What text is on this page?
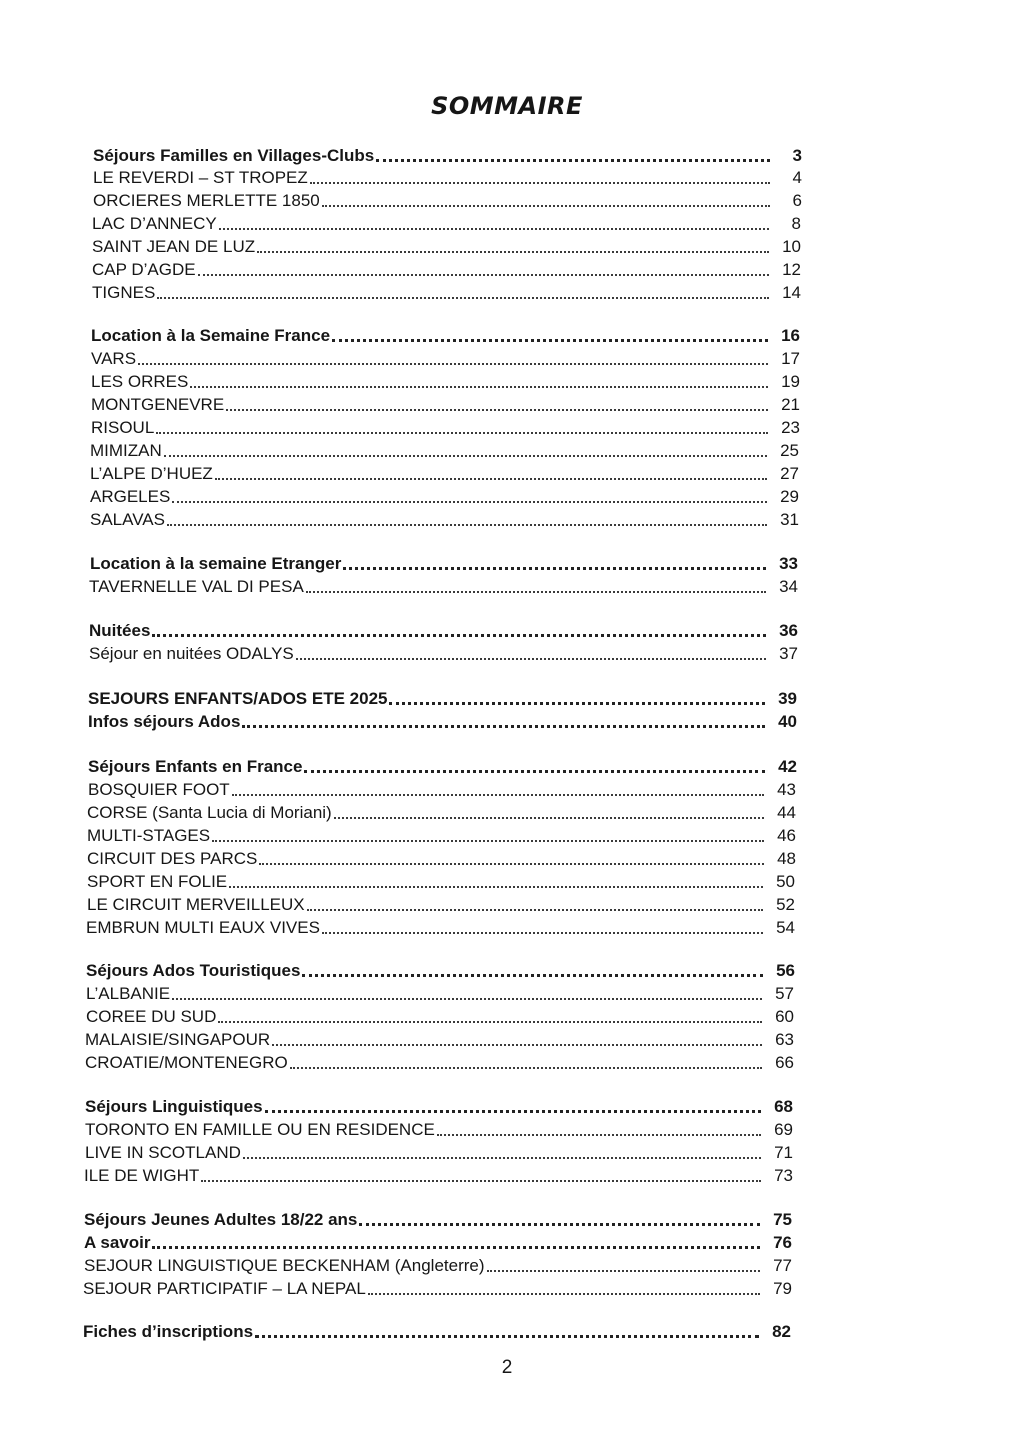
SOMMAIRE
Séjours Familles en Villages-Clubs	3
LE REVERDI – ST TROPEZ	4
ORCIERES MERLETTE 1850	6
LAC D’ANNECY	8
SAINT JEAN DE LUZ	10
CAP D’AGDE	12
TIGNES	14
Location à la Semaine France	16
VARS	17
LES ORRES	19
MONTGENEVRE	21
RISOUL	23
MIMIZAN	25
L’ALPE D’HUEZ	27
ARGELES	29
SALAVAS	31
Location à la semaine Etranger	33
TAVERNELLE VAL DI PESA	34
Nuitées	36
Séjour en nuitées ODALYS	37
SEJOURS ENFANTS/ADOS ETE 2025	39
Infos séjours Ados	40
Séjours Enfants en France	42
BOSQUIER FOOT	43
CORSE (Santa Lucia di Moriani)	44
MULTI-STAGES	46
CIRCUIT DES PARCS	48
SPORT EN FOLIE	50
LE CIRCUIT MERVEILLEUX	52
EMBRUN MULTI EAUX VIVES	54
Séjours Ados Touristiques	56
L’ALBANIE	57
COREE DU SUD	60
MALAISIE/SINGAPOUR	63
CROATIE/MONTENEGRO	66
Séjours Linguistiques	68
TORONTO EN FAMILLE OU EN RESIDENCE	69
LIVE IN SCOTLAND	71
ILE DE WIGHT	73
Séjours Jeunes Adultes 18/22 ans	75
A savoir	76
SEJOUR LINGUISTIQUE BECKENHAM (Angleterre)	77
SEJOUR PARTICIPATIF – LA NEPAL	79
Fiches d’inscriptions	82
2
